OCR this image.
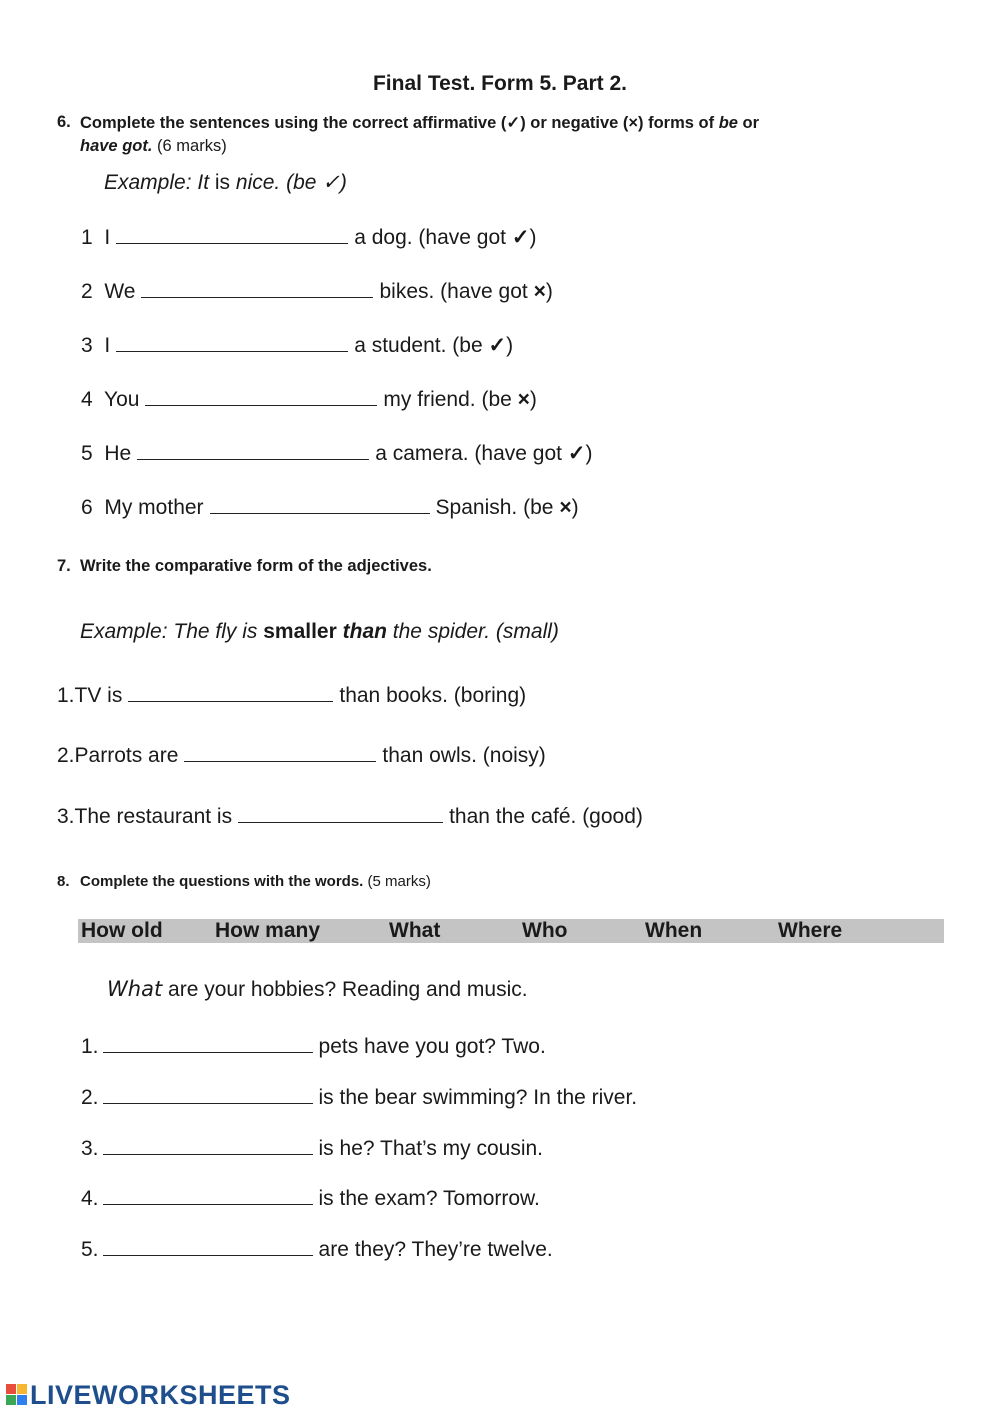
Final Test. Form 5. Part 2.
6. Complete the sentences using the correct affirmative (✓) or negative (×) forms of be or
have got. (6 marks)
Example: It is nice. (be ✓)
1 I	a dog. (have got ✓)
2 We	bikes. (have got ×)
3 I	a student. (be ✓)
4 You	my friend. (be ×)
5 He	a camera. (have got ✓)
6 My mother	Spanish. (be ×)
7. Write the comparative form of the adjectives.
Example: The fly is smaller than the spider. (small)
1.TV is	than books. (boring)
2.Parrots are	than owls. (noisy)
3.The restaurant is	than the café. (good)
8. Complete the questions with the words. (5 marks)
How old How many	What	Who	When	Where
What are your hobbies? Reading and music.
1.	pets have you got? Two.
2.	is the bear swimming? In the river.
3.	is he? That’s my cousin.
4.	is the exam? Tomorrow.
5.	are they? They’re twelve.
LIVEWORKSHEETS
